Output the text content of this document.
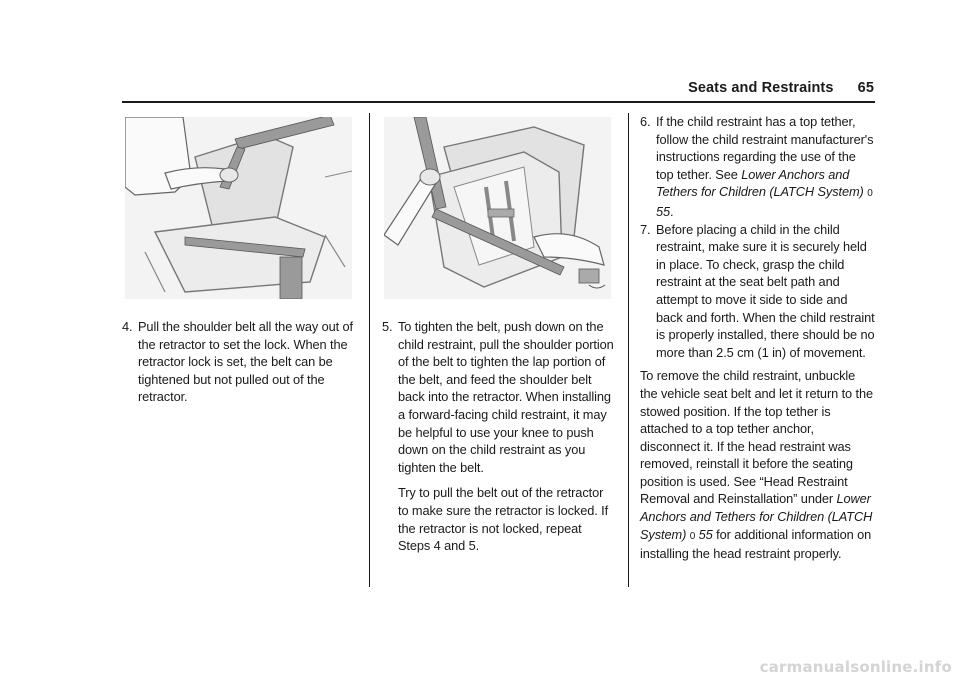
Seats and Restraints 65
4. Pull the shoulder belt all the way out of the retractor to set the lock. When the retractor lock is set, the belt can be tightened but not pulled out of the retractor.

5. To tighten the belt, push down on the child restraint, pull the shoulder portion of the belt to tighten the lap portion of the belt, and feed the shoulder belt back into the retractor. When installing a forward-facing child restraint, it may be helpful to use your knee to push down on the child restraint as you tighten the belt.

Try to pull the belt out of the retractor to make sure the retractor is locked. If the retractor is not locked, repeat Steps 4 and 5.

6. If the child restraint has a top tether, follow the child restraint manufacturer's instructions regarding the use of the top tether. See Lower Anchors and Tethers for Children (LATCH System) 0 55.

7. Before placing a child in the child restraint, make sure it is securely held in place. To check, grasp the child restraint at the seat belt path and attempt to move it side to side and back and forth. When the child restraint is properly installed, there should be no more than 2.5 cm (1 in) of movement.

To remove the child restraint, unbuckle the vehicle seat belt and let it return to the stowed position. If the top tether is attached to a top tether anchor, disconnect it. If the head restraint was removed, reinstall it before the seating position is used. See “Head Restraint Removal and Reinstallation” under Lower Anchors and Tethers for Children (LATCH System) 0 55 for additional information on installing the head restraint properly.

carmanualsonline.info
